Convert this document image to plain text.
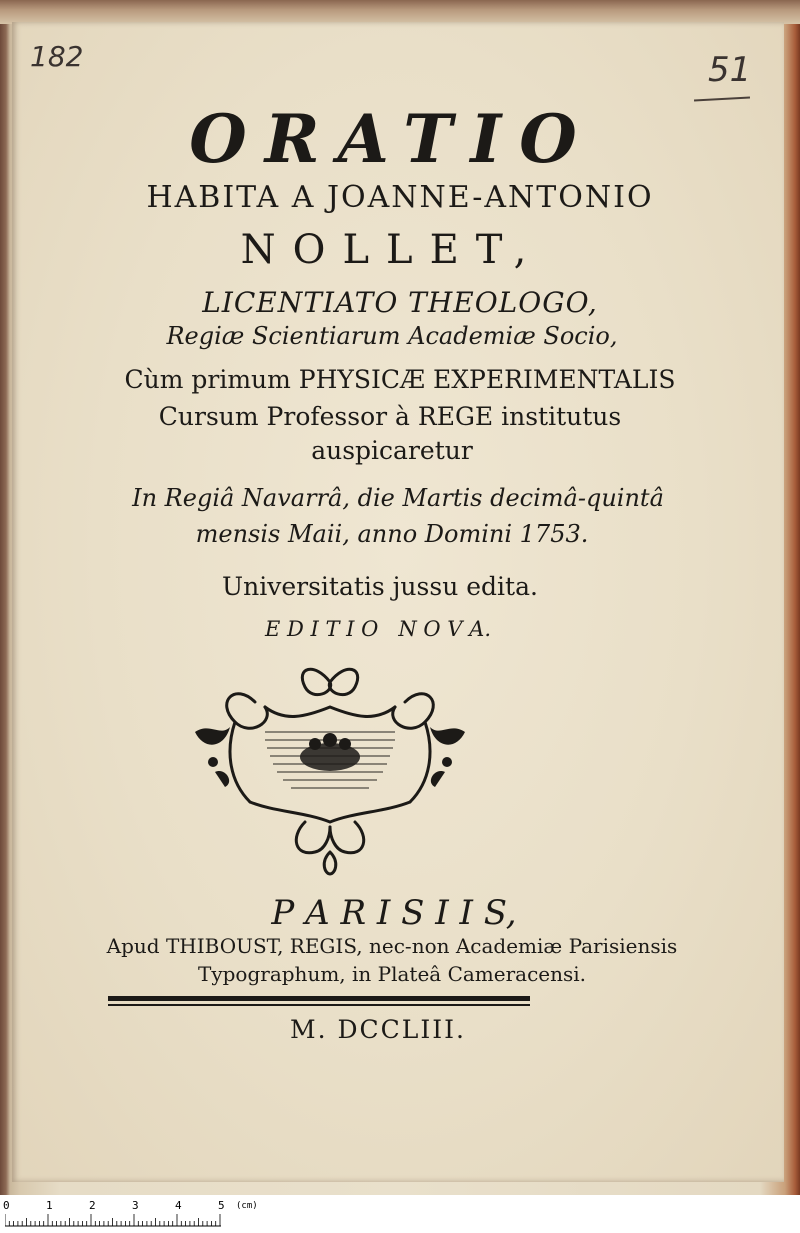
182	51
ORATIO
HABITA A JOANNE-ANTONIO
NOLLET,
LICENTIATO THEOLOGO,
Regiæ Scientiarum Academiæ Socio,
Cùm primum PHYSICÆ EXPERIMENTALIS
Cursum Professor à REGE institutus
auspicaretur
In Regiâ Navarrâ, die Martis decimâ-quintâ
mensis Maii, anno Domini 1753.
Universitatis jussu edita.
E D I T I O   N O V A.
P A R I S I I S,
Apud THIBOUST, REGIS, nec-non Academiæ Parisiensis
Typographum, in Plateâ Cameracensi.
M. DCCLIII.
0	1	2	3	4	5 (cm)
